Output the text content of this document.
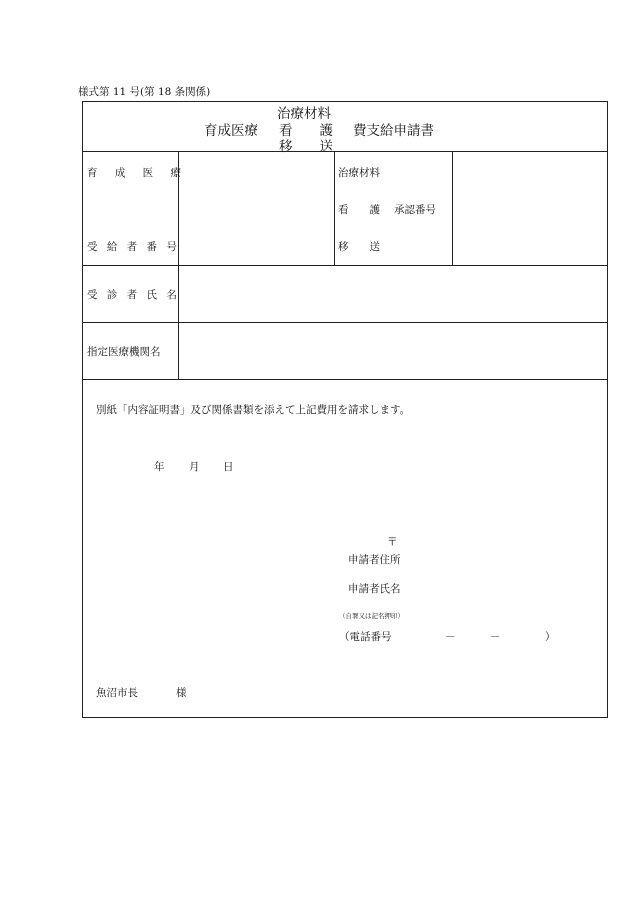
様式第 11 号(第 18 条関係)
育成医療
治療材料
看　　護
移　　送
費支給申請書
育 成 医 療
受 給 者 番 号
治療材料
看　　護 承認番号
移　　送
受 診 者 氏 名
指定医療機関名
別紙「内容証明書」及び関係書類を添えて上記費用を請求します。
年 月 日
〒
申請者住所
申請者氏名
（自署又は記名押印）
（電話番号	－	－	）
魚沼市長	様
